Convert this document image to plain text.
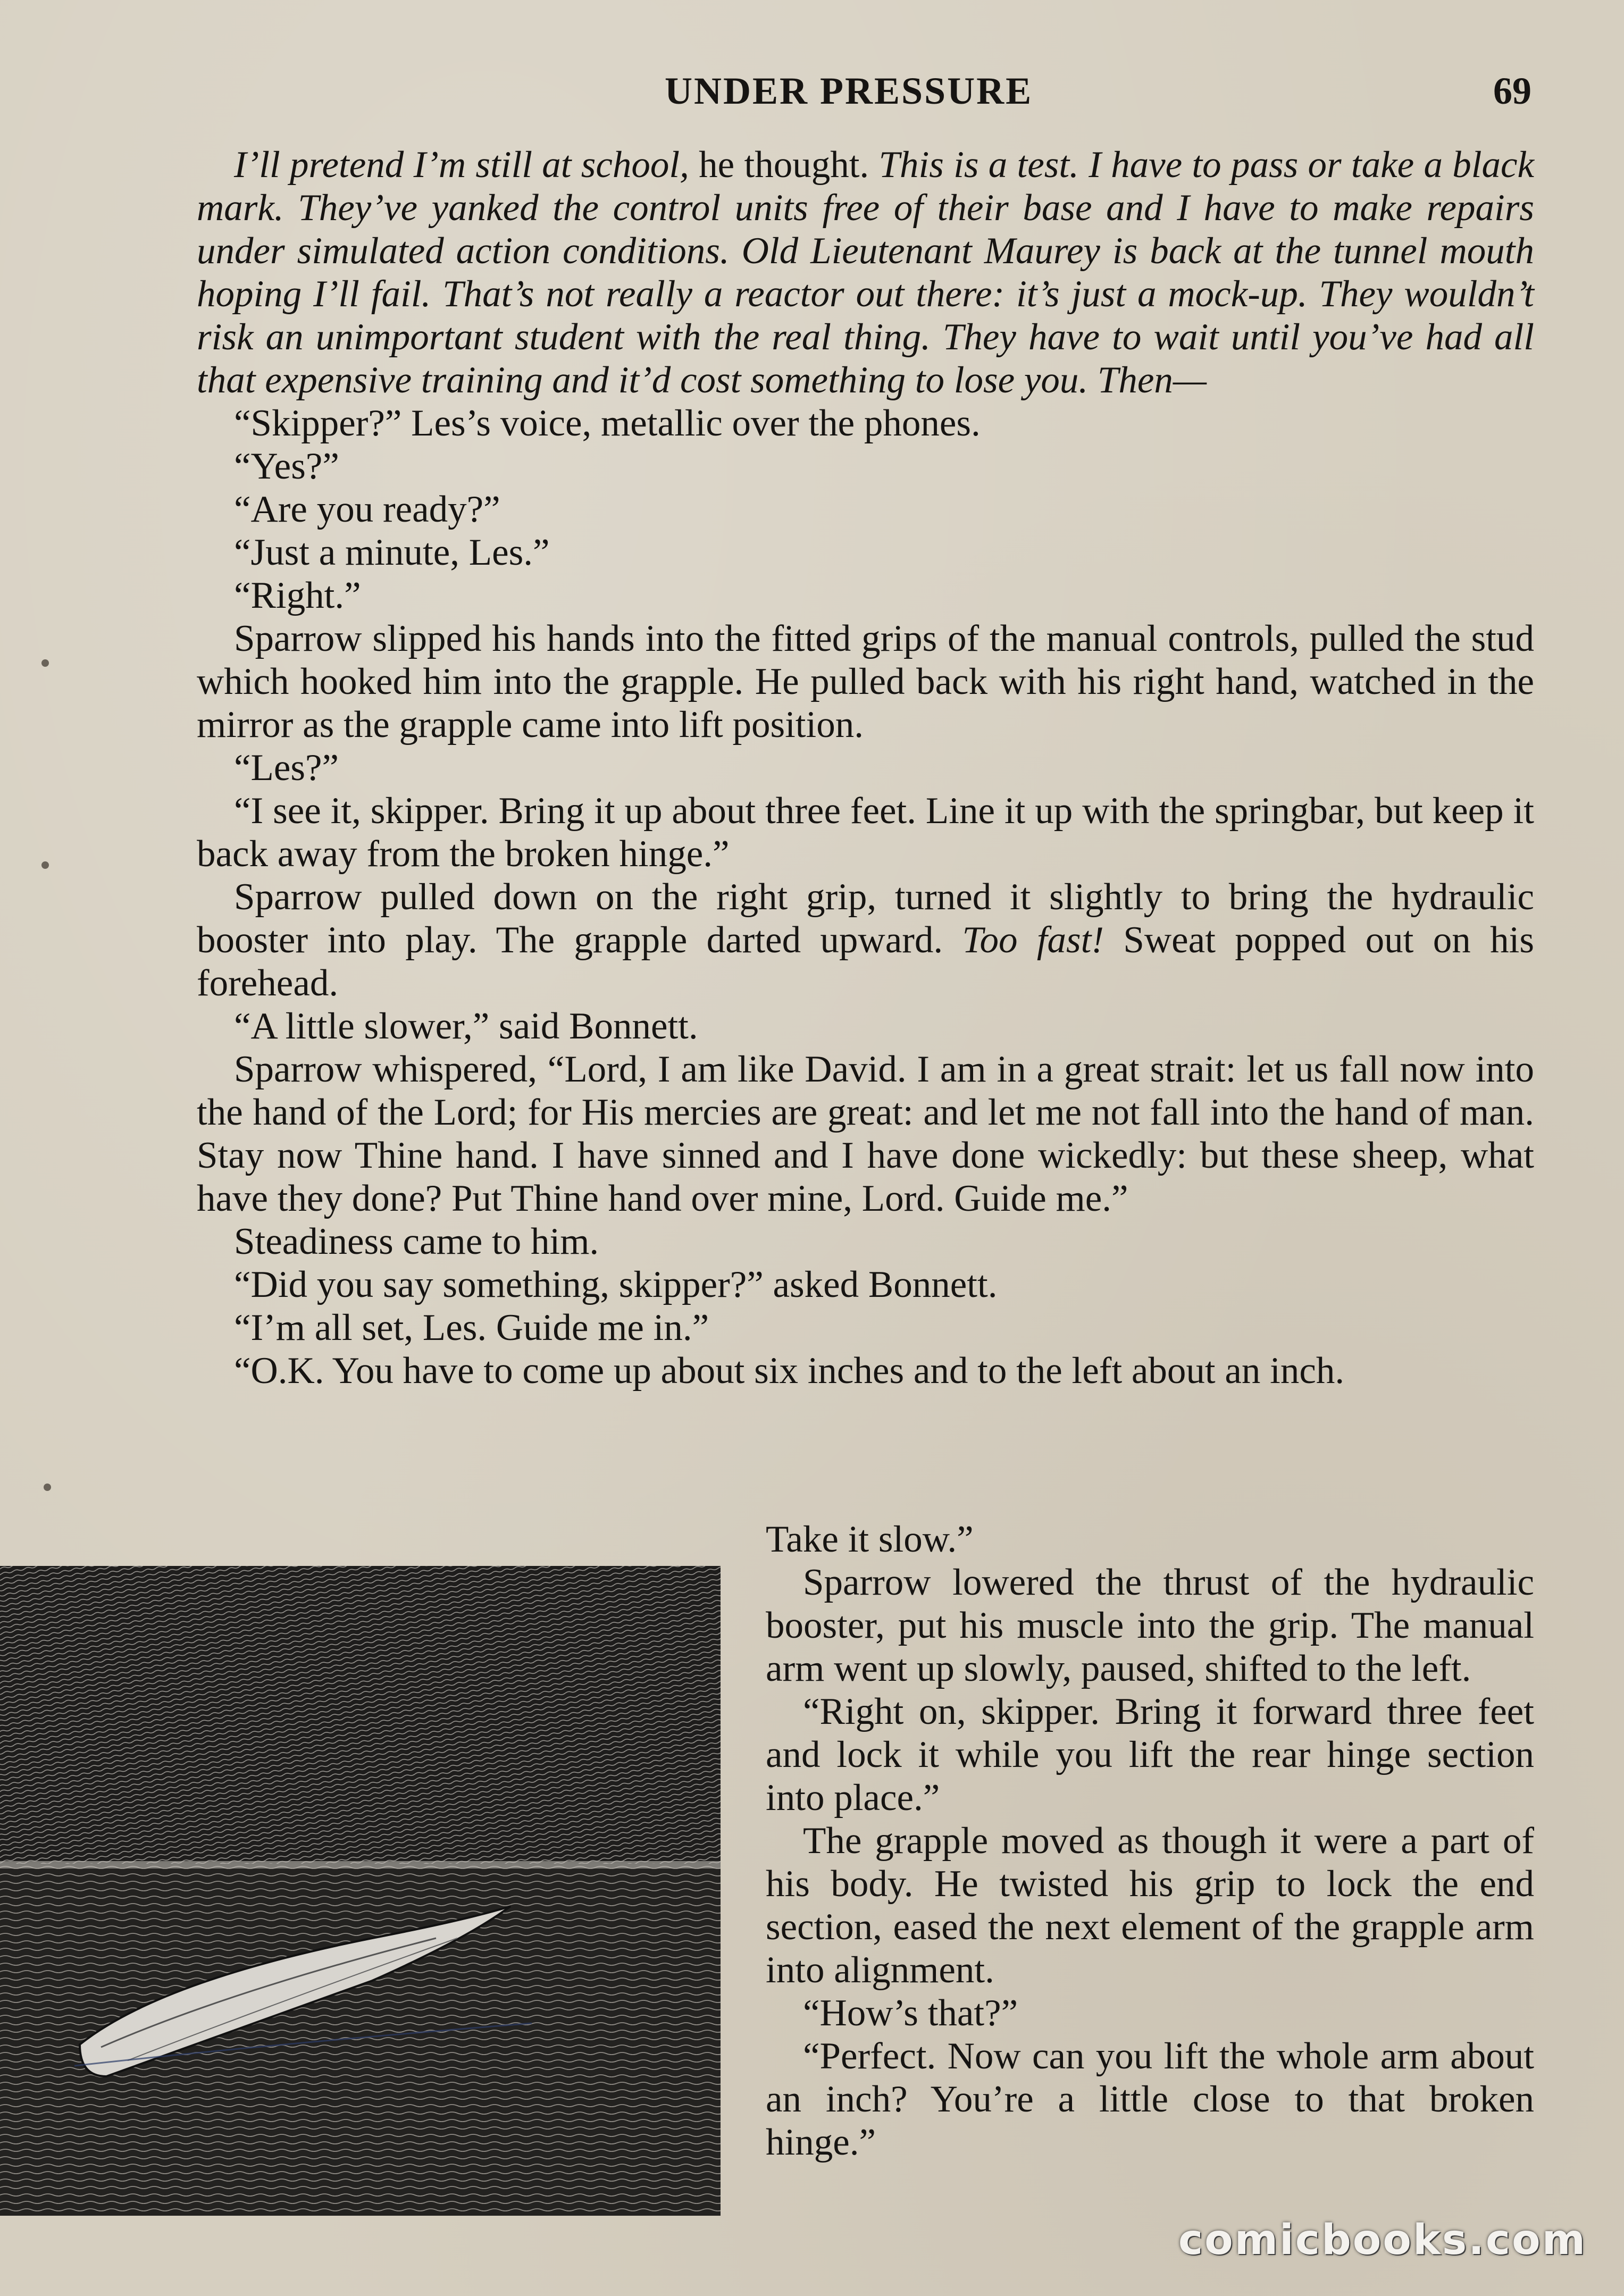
UNDER PRESSURE	69

I’ll pretend I’m still at school, he thought. This is a test. I have to pass or take a black mark. They’ve yanked the control units free of their base and I have to make repairs under simulated action conditions. Old Lieutenant Maurey is back at the tunnel mouth hoping I’ll fail. That’s not really a reactor out there: it’s just a mock-up. They wouldn’t risk an unimportant student with the real thing. They have to wait until you’ve had all that expensive training and it’d cost something to lose you. Then—

“Skipper?” Les’s voice, metallic over the phones.

“Yes?”

“Are you ready?”

“Just a minute, Les.”

“Right.”

Sparrow slipped his hands into the fitted grips of the manual controls, pulled the stud which hooked him into the grapple. He pulled back with his right hand, watched in the mirror as the grapple came into lift position.

“Les?”

“I see it, skipper. Bring it up about three feet. Line it up with the springbar, but keep it back away from the broken hinge.”

Sparrow pulled down on the right grip, turned it slightly to bring the hydraulic booster into play. The grapple darted upward. Too fast! Sweat popped out on his forehead.

“A little slower,” said Bonnett.

Sparrow whispered, “Lord, I am like David. I am in a great strait: let us fall now into the hand of the Lord; for His mercies are great: and let me not fall into the hand of man. Stay now Thine hand. I have sinned and I have done wickedly: but these sheep, what have they done? Put Thine hand over mine, Lord. Guide me.”

Steadiness came to him.

“Did you say something, skipper?” asked Bonnett.

“I’m all set, Les. Guide me in.”

“O.K. You have to come up about six inches and to the left about an inch.

Take it slow.”

Sparrow lowered the thrust of the hydraulic booster, put his muscle into the grip. The manual arm went up slowly, paused, shifted to the left.

“Right on, skipper. Bring it forward three feet and lock it while you lift the rear hinge section into place.”

The grapple moved as though it were a part of his body. He twisted his grip to lock the end section, eased the next element of the grapple arm into alignment.

“How’s that?”

“Perfect. Now can you lift the whole arm about an inch? You’re a little close to that broken hinge.”

comicbooks.com
